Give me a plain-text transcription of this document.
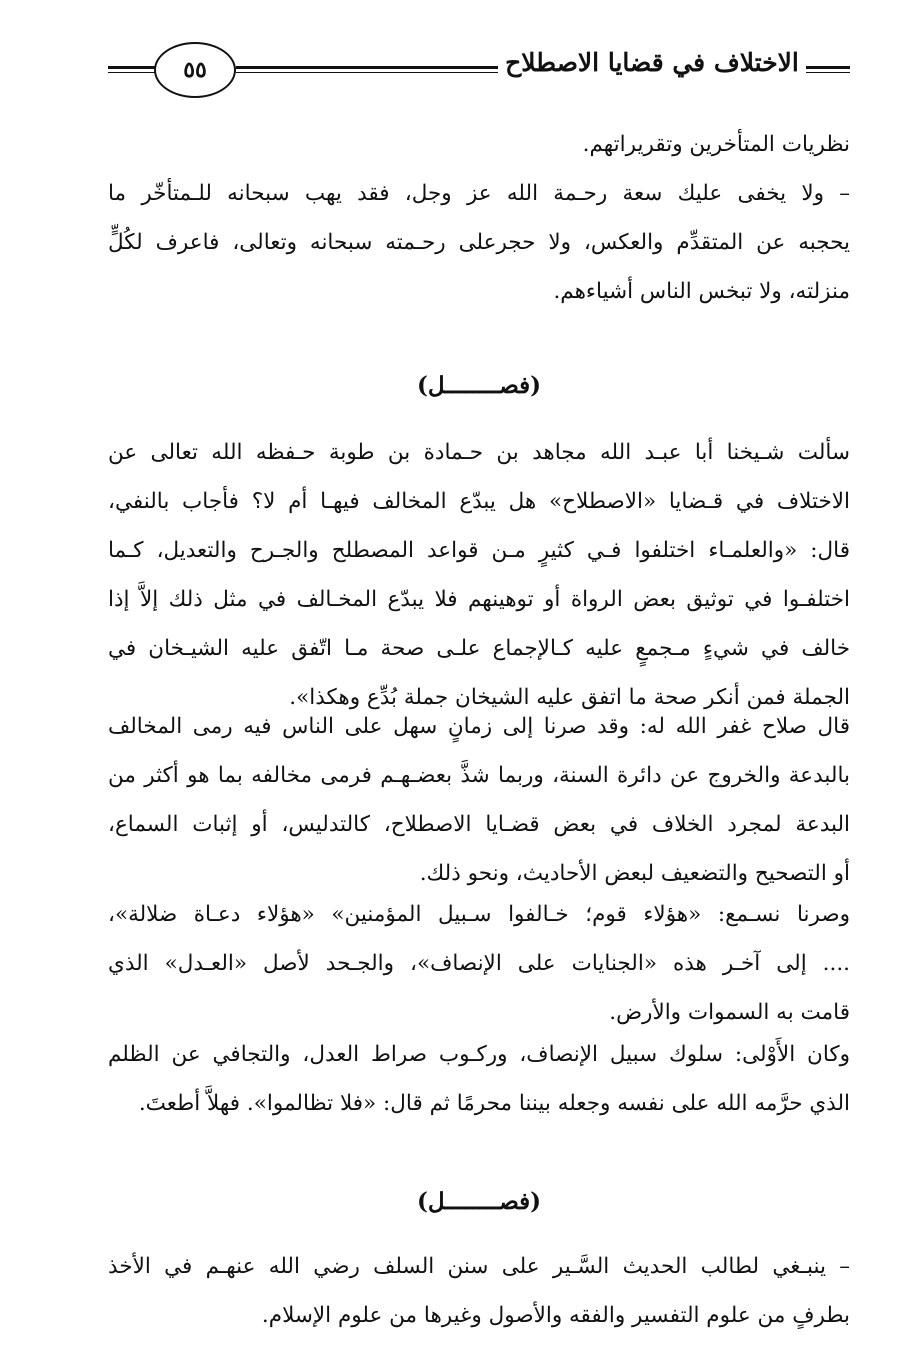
٥٥	الاختلاف في قضايا الاصطلاح
نظريات المتأخرين وتقريراتهم.
– ولا يخفى عليك سعة رحـمة الله عز وجل، فقد يهب سبحانه للـمتأخّر ما
يحجبه عن المتقدِّم والعكس، ولا حجرعلى رحـمته سبحانه وتعالى، فاعرف لكُلٍّ
منزلته، ولا تبخس الناس أشياءهم.
(فصــــــــل)
سألت شـيخنا أبا عبـد الله مجاهد بن حـمادة بن طوبة حـفظه الله تعالى عن
الاختلاف في قـضايا «الاصطلاح» هل يبدّع المخالف فيهـا أم لا؟ فأجاب بالنفي،
قال: «والعلمـاء اختلفوا فـي كثيرٍ مـن قواعد المصطلح والجـرح والتعديل، كـما
اختلفـوا في توثيق بعض الرواة أو توهينهم فلا يبدّع المخـالف في مثل ذلك إلاَّ إذا
خالف في شيءٍ مـجمعٍ عليه كـالإجماع علـى صحة مـا اتّفق عليه الشيـخان في
الجملة فمن أنكر صحة ما اتفق عليه الشيخان جملة بُدِّع وهكذا».
قال صلاح غفر الله له: وقد صرنا إلى زمانٍ سهل على الناس فيه رمى المخالف
بالبدعة والخروج عن دائرة السنة، وربما شذَّ بعضـهـم فرمى مخالفه بما هو أكثر من
البدعة لمجرد الخلاف في بعض قضـايا الاصطلاح، كالتدليس، أو إثبات السماع،
أو التصحيح والتضعيف لبعض الأحاديث، ونحو ذلك.
وصرنا نسـمع: «هؤلاء قوم؛ خـالفوا سـبيل المؤمنين» «هؤلاء دعـاة ضلالة»،
.... إلى آخـر هذه «الجنايات على الإنصاف»، والجـحد لأصل «العـدل» الذي
قامت به السموات والأرض.
وكان الأَوْلى: سلوك سبيل الإنصاف، وركـوب صراط العدل، والتجافي عن الظلم
الذي حرَّمه الله على نفسه وجعله بيننا محرمًا ثم قال: «فلا تظالموا». فهلاَّ أطعتَ.
(فصــــــــل)
– ينبـغي لطالب الحديث السَّـير على سنن السلف رضي الله عنهـم في الأخذ
بطرفٍ من علوم التفسير والفقه والأصول وغيرها من علوم الإسلام.
